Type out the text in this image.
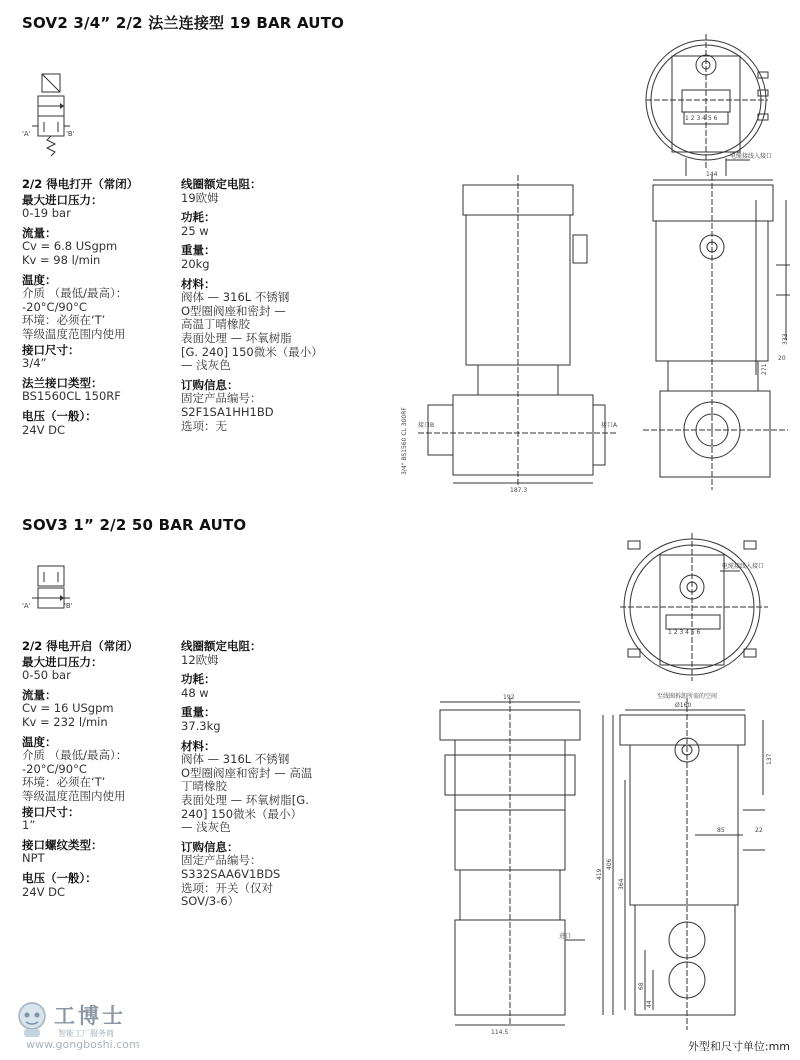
SOV2 3/4” 2/2 法兰连接型 19 BAR AUTO
'A'	'B'
2/2 得电打开（常闭）
最大进口压力：
0-19 bar
流量：
Cv = 6.8 USgpm
Kv = 98 l/min
温度：
介质 （最低/最高）：
-20°C/90°C
环境：必须在‘T’
等级温度范围内使用
接口尺寸：
3/4”
法兰接口类型：
BS1560CL 150RF
电压（一般）：
24V DC
线圈额定电阻：
19欧姆
功耗：
25 w
重量：
20kg
材料：
阀体 — 316L 不锈钢
O型圈阀座和密封 —
高温丁晴橡胶
表面处理 — 环氧树脂
[G. 240] 150微米（最小）
— 浅灰色
订购信息：
固定产品编号：
S2F1SA1HH1BD
选项：无
1 2 3 4 5 6
电缆接线入接口
144
333
271
20
187.3
接口A
接口B
3/4" BS1560 CL 300RF
SOV3 1” 2/2 50 BAR AUTO
'A'	'B'
2/2 得电开启（常闭）
最大进口压力：
0-50 bar
流量：
Cv = 16 USgpm
Kv = 232 l/min
温度：
介质 （最低/最高）：
-20°C/90°C
环境：必须在‘T’
等级温度范围内使用
接口尺寸：
1”
接口螺纹类型：
NPT
电压（一般）：
24V DC
线圈额定电阻：
12欧姆
功耗：
48 w
重量：
37.3kg
材料：
阀体 — 316L 不锈钢
O型圈阀座和密封 — 高温
丁晴橡胶
表面处理 — 环氧树脂[G.
240] 150微米（最小）
— 浅灰色
订购信息：
固定产品编号：
S332SAA6V1BDS
选项：开关（仅对
SOV/3-6）
1 2 3 4 5 6
电缆接线入接口
192
Ø160
至线圈拆卸所需的空间
419
406
364
137
85	22
68
44
114.5
进口
外型和尺寸单位:mm
工博士
智能工厂服务商
www.gongboshi.com
